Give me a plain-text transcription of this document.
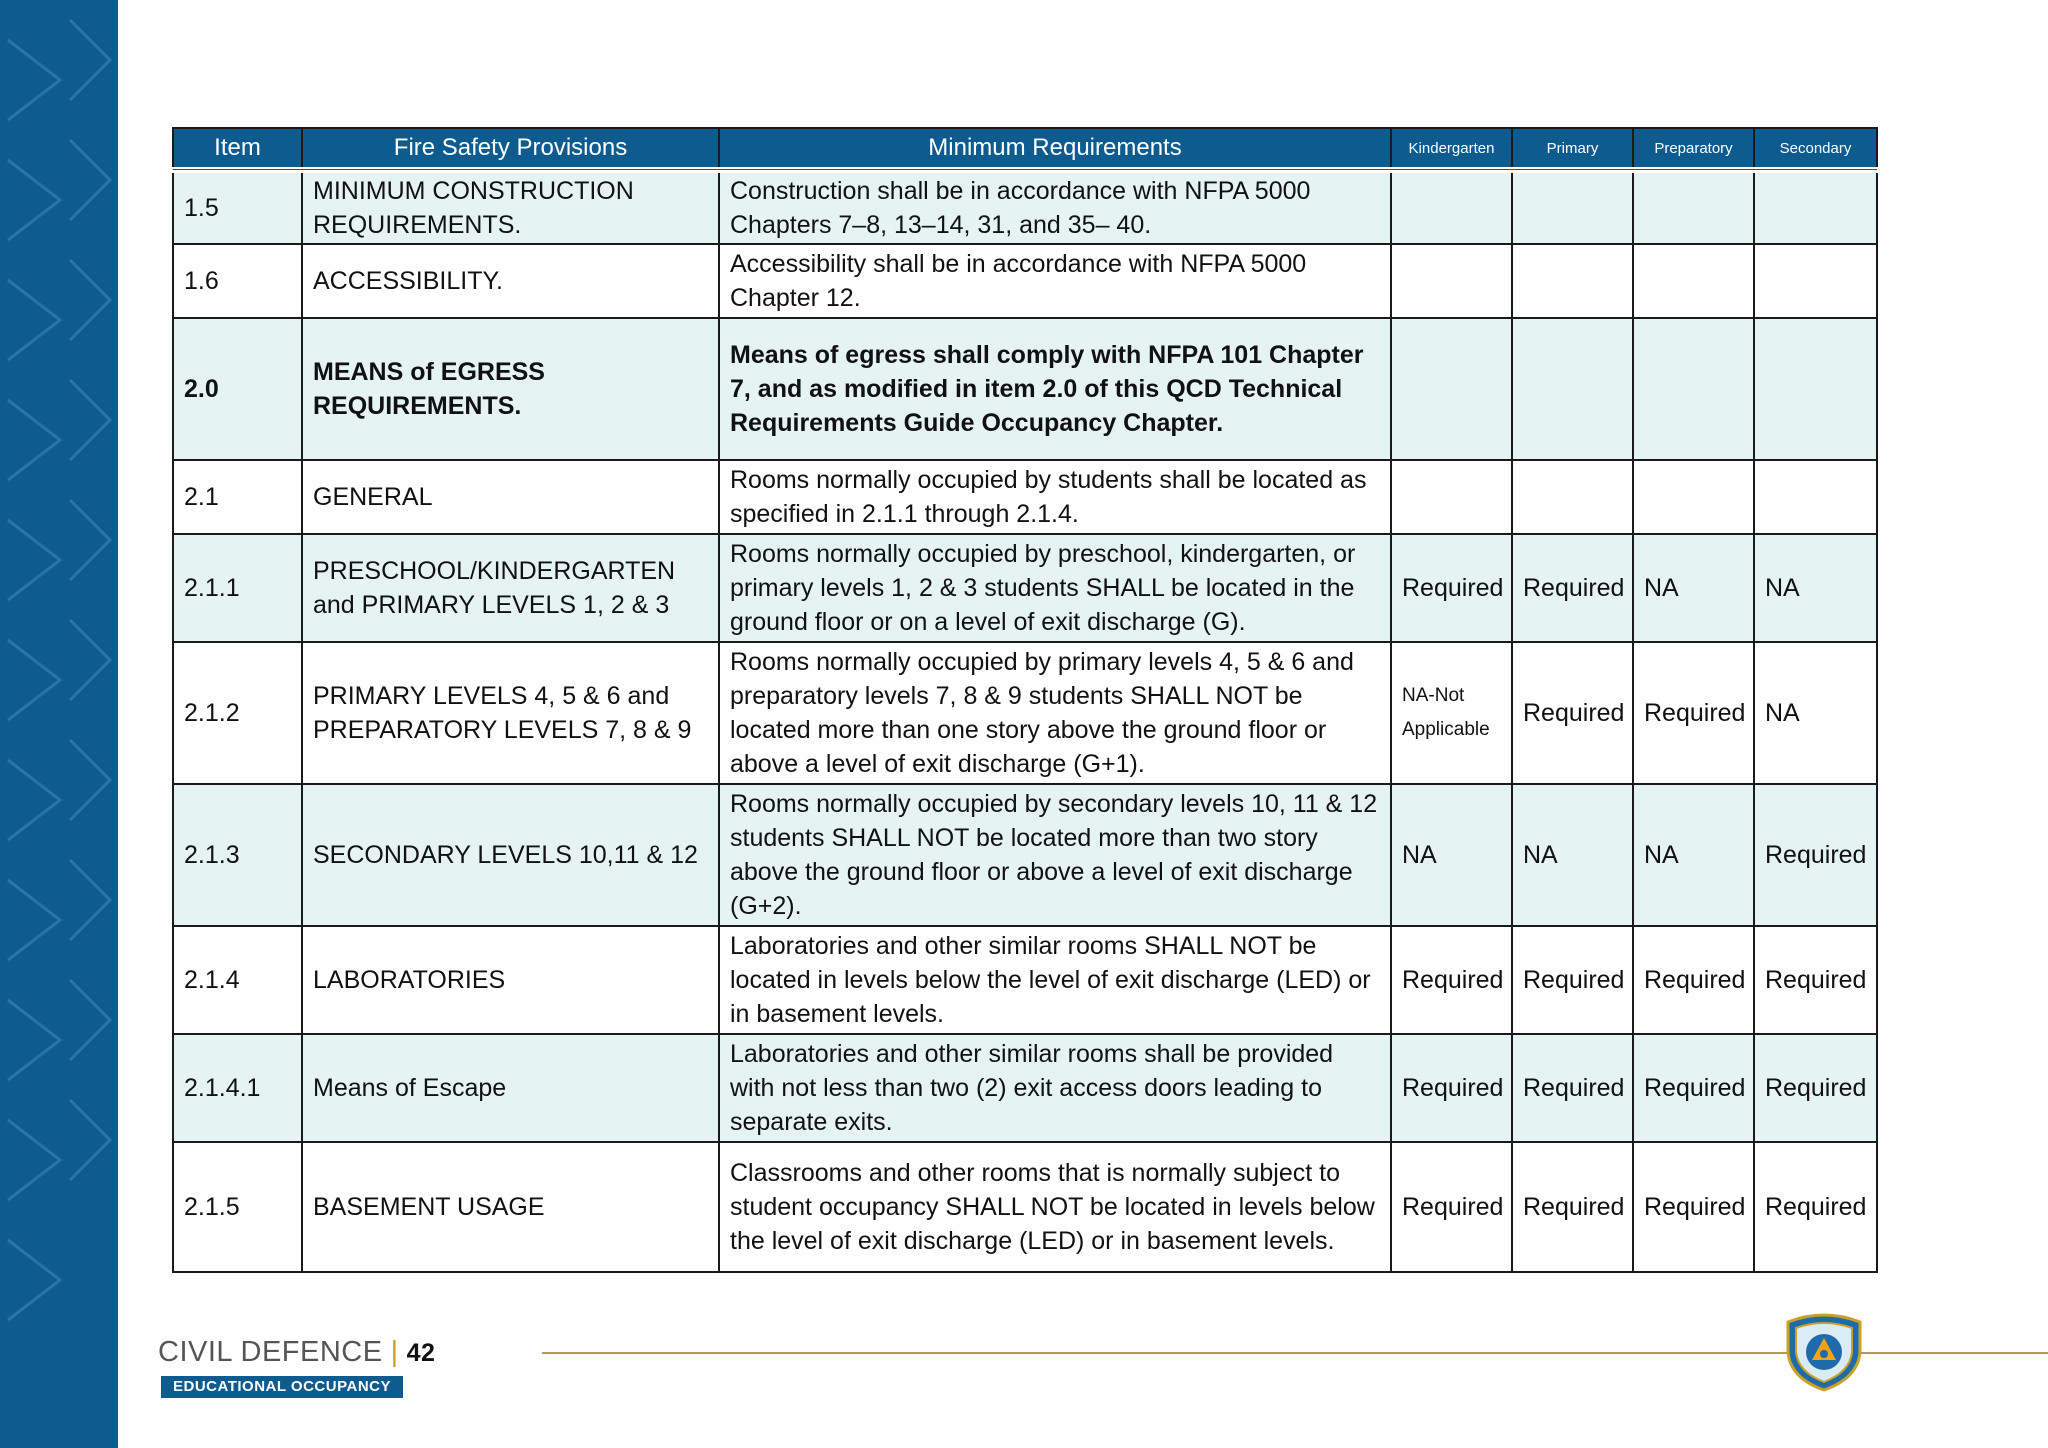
Item	Fire Safety Provisions	Minimum Requirements	Kindergarten	Primary	Preparatory	Secondary
1.5	MINIMUM CONSTRUCTION REQUIREMENTS.	Construction shall be in accordance with NFPA 5000 Chapters 7–8, 13–14, 31, and 35– 40.				
1.6	ACCESSIBILITY.	Accessibility shall be in accordance with NFPA 5000 Chapter 12.				
2.0	MEANS of EGRESS REQUIREMENTS.	Means of egress shall comply with NFPA 101 Chapter 7, and as modified in item 2.0 of this QCD Technical Requirements Guide Occupancy Chapter.				
2.1	GENERAL	Rooms normally occupied by students shall be located as specified in 2.1.1 through 2.1.4.				
2.1.1	PRESCHOOL/KINDERGARTEN and PRIMARY LEVELS 1, 2 & 3	Rooms normally occupied by preschool, kindergarten, or primary levels 1, 2 & 3 students SHALL be located in the ground floor or on a level of exit discharge (G).	Required	Required	NA	NA
2.1.2	PRIMARY LEVELS 4, 5 & 6 and PREPARATORY LEVELS 7, 8 & 9	Rooms normally occupied by primary levels 4, 5 & 6 and preparatory levels 7, 8 & 9 students SHALL NOT be located more than one story above the ground floor or above a level of exit discharge (G+1).	NA-Not Applicable	Required	Required	NA
2.1.3	SECONDARY LEVELS 10,11 & 12	Rooms normally occupied by secondary levels 10, 11 & 12 students SHALL NOT be located more than two story above the ground floor or above a level of exit discharge (G+2).	NA	NA	NA	Required
2.1.4	LABORATORIES	Laboratories and other similar rooms SHALL NOT be located in levels below the level of exit discharge (LED) or in basement levels.	Required	Required	Required	Required
2.1.4.1	Means of Escape	Laboratories and other similar rooms shall be provided with not less than two (2) exit access doors leading to separate exits.	Required	Required	Required	Required
2.1.5	BASEMENT USAGE	Classrooms and other rooms that is normally subject to student occupancy SHALL NOT be located in levels below the level of exit discharge (LED) or in basement levels.	Required	Required	Required	Required
CIVIL DEFENCE | 42
EDUCATIONAL OCCUPANCY
